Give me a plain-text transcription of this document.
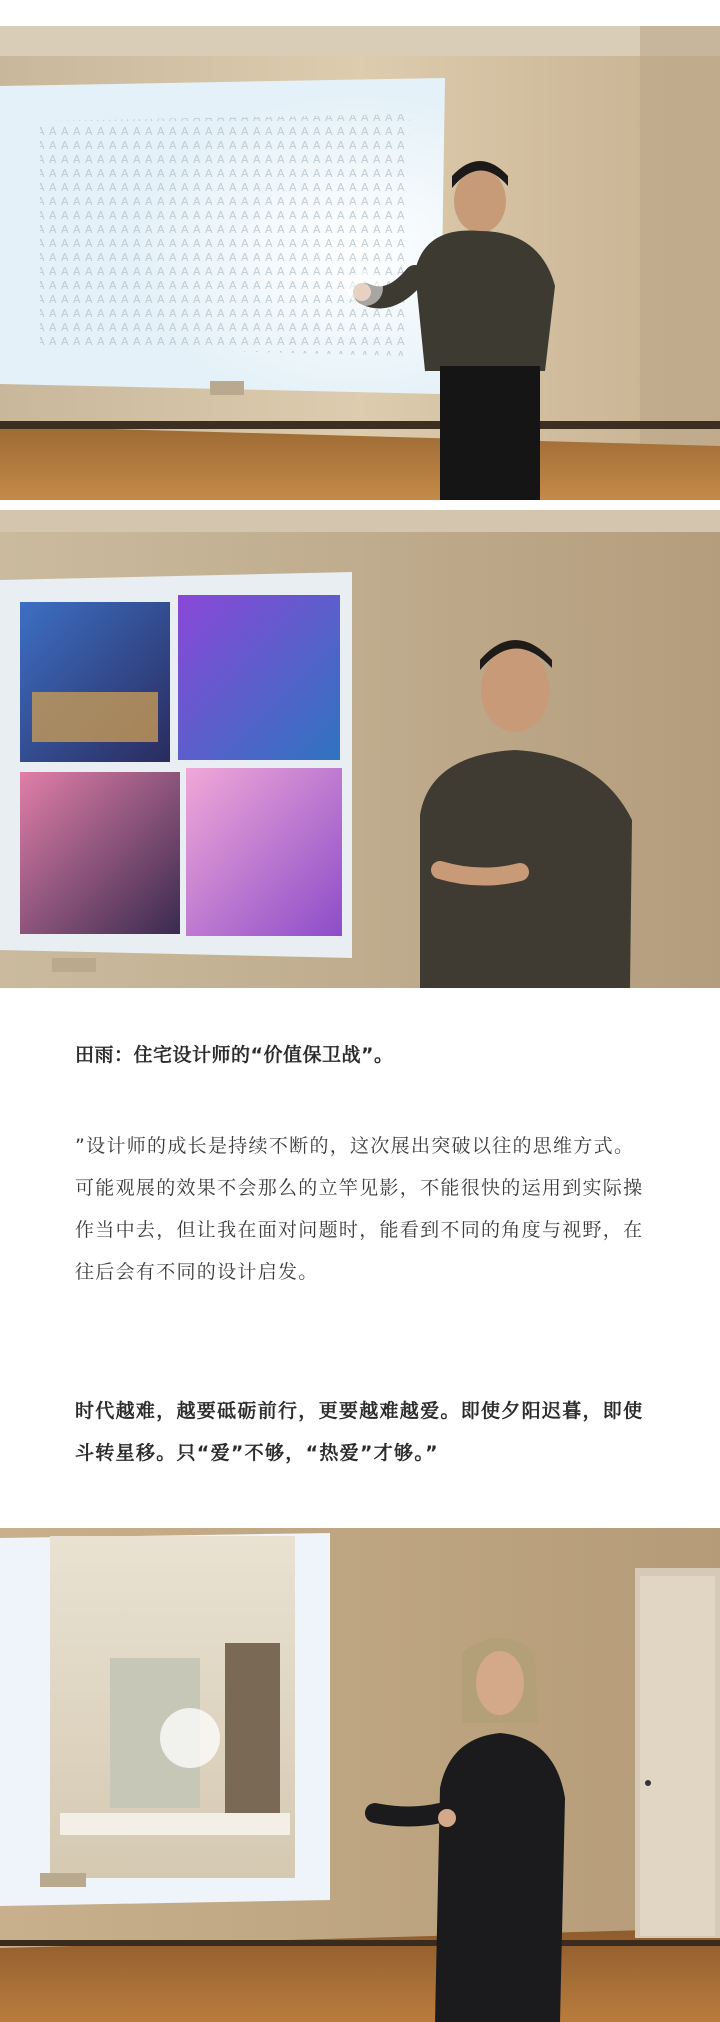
田雨：住宅设计师的“价值保卫战”。

”设计师的成长是持续不断的，这次展出突破以往的思维方式。可能观展的效果不会那么的立竿见影，不能很快的运用到实际操作当中去，但让我在面对问题时，能看到不同的角度与视野，在往后会有不同的设计启发。

时代越难，越要砥砺前行，更要越难越爱。即使夕阳迟暮，即使斗转星移。只“爱”不够，“热爱”才够。”
